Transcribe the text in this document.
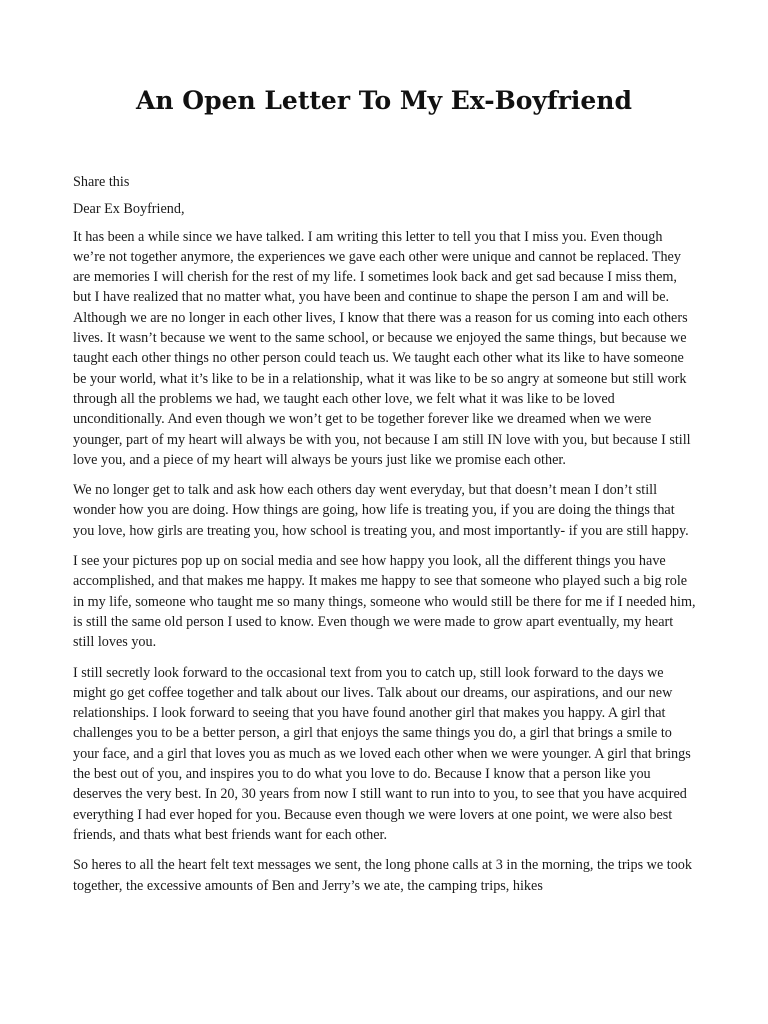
An Open Letter To My Ex-Boyfriend

Share this

Dear Ex Boyfriend,

It has been a while since we have talked. I am writing this letter to tell you that I miss you. Even though we’re not together anymore, the experiences we gave each other were unique and cannot be replaced. They are memories I will cherish for the rest of my life. I sometimes look back and get sad because I miss them, but I have realized that no matter what, you have been and continue to shape the person I am and will be. Although we are no longer in each other lives, I know that there was a reason for us coming into each others lives. It wasn’t because we went to the same school, or because we enjoyed the same things, but because we taught each other things no other person could teach us. We taught each other what its like to have someone be your world, what it’s like to be in a relationship, what it was like to be so angry at someone but still work through all the problems we had, we taught each other love, we felt what it was like to be loved unconditionally. And even though we won’t get to be together forever like we dreamed when we were younger, part of my heart will always be with you, not because I am still IN love with you, but because I still love you, and a piece of my heart will always be yours just like we promise each other.

We no longer get to talk and ask how each others day went everyday, but that doesn’t mean I don’t still wonder how you are doing. How things are going, how life is treating you, if you are doing the things that you love, how girls are treating you, how school is treating you, and most importantly- if you are still happy.

I see your pictures pop up on social media and see how happy you look, all the different things you have accomplished, and that makes me happy. It makes me happy to see that someone who played such a big role in my life, someone who taught me so many things, someone who would still be there for me if I needed him, is still the same old person I used to know. Even though we were made to grow apart eventually, my heart still loves you.

I still secretly look forward to the occasional text from you to catch up, still look forward to the days we might go get coffee together and talk about our lives. Talk about our dreams, our aspirations, and our new relationships. I look forward to seeing that you have found another girl that makes you happy. A girl that challenges you to be a better person, a girl that enjoys the same things you do, a girl that brings a smile to your face, and a girl that loves you as much as we loved each other when we were younger. A girl that brings the best out of you, and inspires you to do what you love to do. Because I know that a person like you deserves the very best. In 20, 30 years from now I still want to run into to you, to see that you have acquired everything I had ever hoped for you. Because even though we were lovers at one point, we were also best friends, and thats what best friends want for each other.

So heres to all the heart felt text messages we sent, the long phone calls at 3 in the morning, the trips we took together, the excessive amounts of Ben and Jerry’s we ate, the camping trips, hikes
